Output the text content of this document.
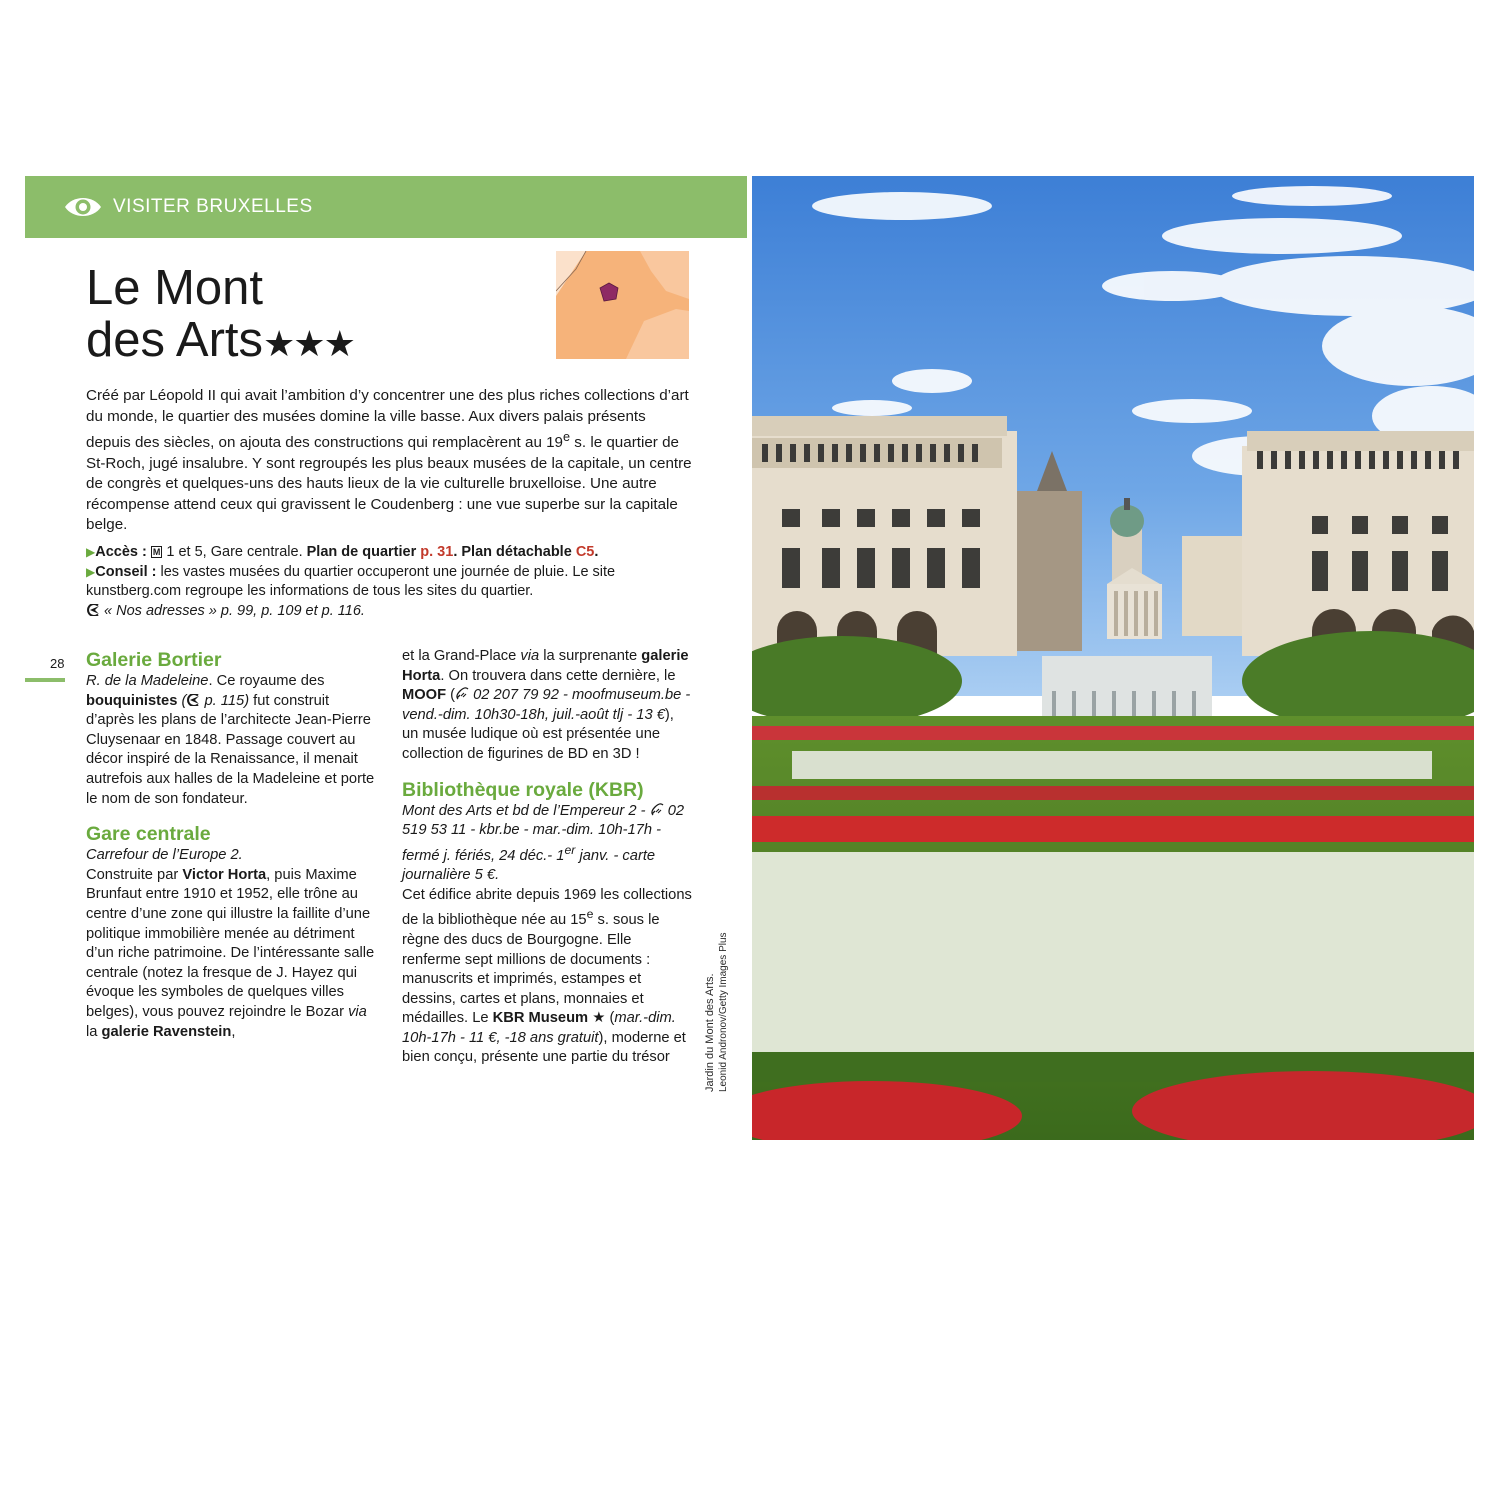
VISITER BRUXELLES
Le Mont
des Arts★★★

Créé par Léopold II qui avait l’ambition d’y concentrer une des plus riches collections d’art du monde, le quartier des musées domine la ville basse. Aux divers palais présents depuis des siècles, on ajouta des constructions qui remplacèrent au 19e s. le quartier de St-Roch, jugé insalubre. Y sont regroupés les plus beaux musées de la capitale, un centre de congrès et quelques-uns des hauts lieux de la vie culturelle bruxelloise. Une autre récompense attend ceux qui gravissent le Coudenberg : une vue superbe sur la capitale belge.

▶Accès : M 1 et 5, Gare centrale. Plan de quartier p. 31. Plan détachable C5.

▶Conseil : les vastes musées du quartier occuperont une journée de pluie. Le site kunstberg.com regroupe les informations de tous les sites du quartier.

« Nos adresses » p. 99, p. 109 et p. 116.

28 Galerie Bortier

R. de la Madeleine. Ce royaume des bouquinistes ( p. 115) fut construit d’après les plans de l’architecte Jean-Pierre Cluysenaar en 1848. Passage couvert au décor inspiré de la Renaissance, il menait autrefois aux halles de la Madeleine et porte le nom de son fondateur.

Gare centrale

Carrefour de l’Europe 2.

Construite par Victor Horta, puis Maxime Brunfaut entre 1910 et 1952, elle trône au centre d’une zone qui illustre la faillite d’une politique immobilière menée au détriment d’un riche patrimoine. De l’intéressante salle centrale (notez la fresque de J. Hayez qui évoque les symboles de quelques villes belges), vous pouvez rejoindre le Bozar via la galerie Ravenstein,

et la Grand-Place via la surprenante galerie Horta. On trouvera dans cette dernière, le MOOF ( 02 207 79 92 - moofmuseum.be - vend.-dim. 10h30-18h, juil.-août tlj - 13 €), un musée ludique où est présentée une collection de figurines de BD en 3D !

Bibliothèque royale (KBR)

Mont des Arts et bd de l’Empereur 2 -  02 519 53 11 - kbr.be - mar.-dim. 10h-17h - fermé j. fériés, 24 déc.- 1er janv. - carte journalière 5 €.

Cet édifice abrite depuis 1969 les collections de la bibliothèque née au 15e s. sous le règne des ducs de Bourgogne. Elle renferme sept millions de documents : manuscrits et imprimés, estampes et dessins, cartes et plans, monnaies et médailles. Le KBR Museum ★ (mar.-dim. 10h-17h - 11 €, -18 ans gratuit), moderne et bien conçu, présente une partie du trésor	Jardin du Mont des Arts. Leonid Andronov/Getty Images Plus
